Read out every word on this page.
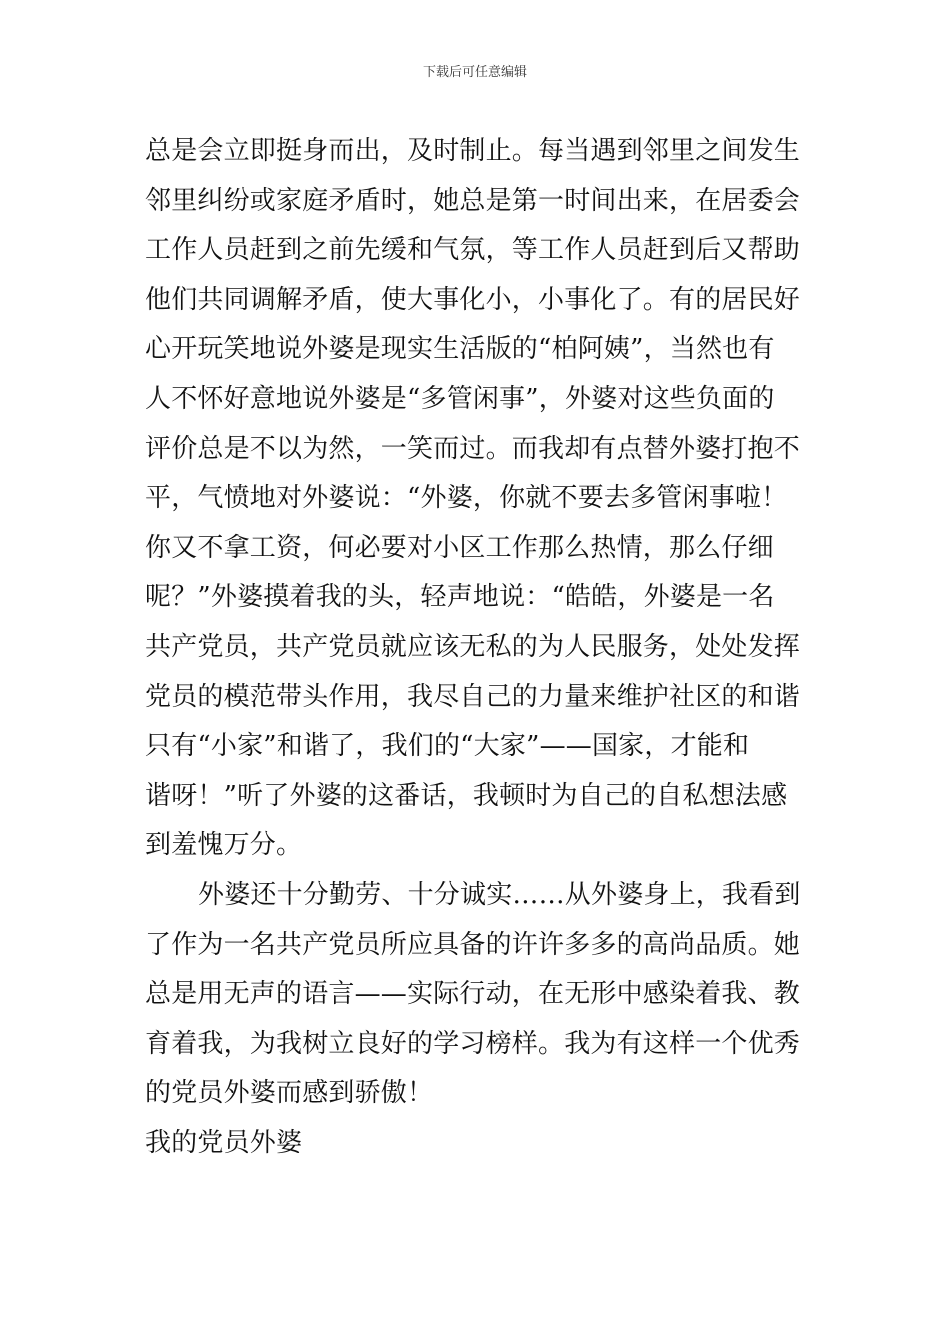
下载后可任意编辑
总是会立即挺身而出，及时制止。每当遇到邻里之间发生
邻里纠纷或家庭矛盾时，她总是第一时间出来，在居委会
工作人员赶到之前先缓和气氛，等工作人员赶到后又帮助
他们共同调解矛盾，使大事化小，小事化了。有的居民好
心开玩笑地说外婆是现实生活版的“柏阿姨”，当然也有
人不怀好意地说外婆是“多管闲事”，外婆对这些负面的
评价总是不以为然，一笑而过。而我却有点替外婆打抱不
平，气愤地对外婆说：“外婆，你就不要去多管闲事啦！
你又不拿工资，何必要对小区工作那么热情，那么仔细
呢？”外婆摸着我的头，轻声地说：“皓皓，外婆是一名
共产党员，共产党员就应该无私的为人民服务，处处发挥
党员的模范带头作用，我尽自己的力量来维护社区的和谐
只有“小家”和谐了，我们的“大家”——国家，才能和
谐呀！”听了外婆的这番话，我顿时为自己的自私想法感
到羞愧万分。
外婆还十分勤劳、十分诚实……从外婆身上，我看到
了作为一名共产党员所应具备的许许多多的高尚品质。她
总是用无声的语言——实际行动，在无形中感染着我、教
育着我，为我树立良好的学习榜样。我为有这样一个优秀
的党员外婆而感到骄傲！
我的党员外婆
